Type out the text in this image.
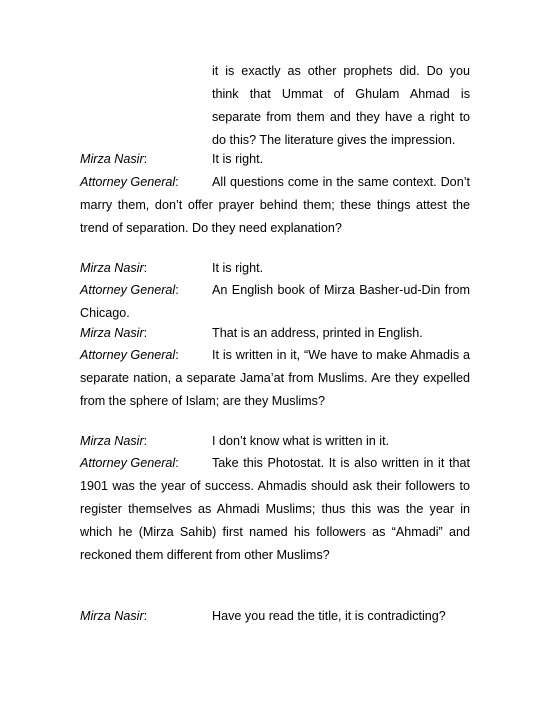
it is exactly as other prophets did. Do you think that Ummat of Ghulam Ahmad is separate from them and they have a right to do this? The literature gives the impression.

Mirza Nasir:	It is right.

Attorney General:	All questions come in the same context. Don’t marry them, don’t offer prayer behind them; these things attest the trend of separation. Do they need explanation?

Mirza Nasir:	It is right.

Attorney General:	An English book of Mirza Basher-ud-Din from Chicago.

Mirza Nasir:	That is an address, printed in English.

Attorney General:	It is written in it, “We have to make Ahmadis a separate nation, a separate Jama’at from Muslims. Are they expelled from the sphere of Islam; are they Muslims?

Mirza Nasir:	I don’t know what is written in it.

Attorney General:	Take this Photostat. It is also written in it that 1901 was the year of success. Ahmadis should ask their followers to register themselves as Ahmadi Muslims; thus this was the year in which he (Mirza Sahib) first named his followers as “Ahmadi” and reckoned them different from other Muslims?

Mirza Nasir:	Have you read the title, it is contradicting?
